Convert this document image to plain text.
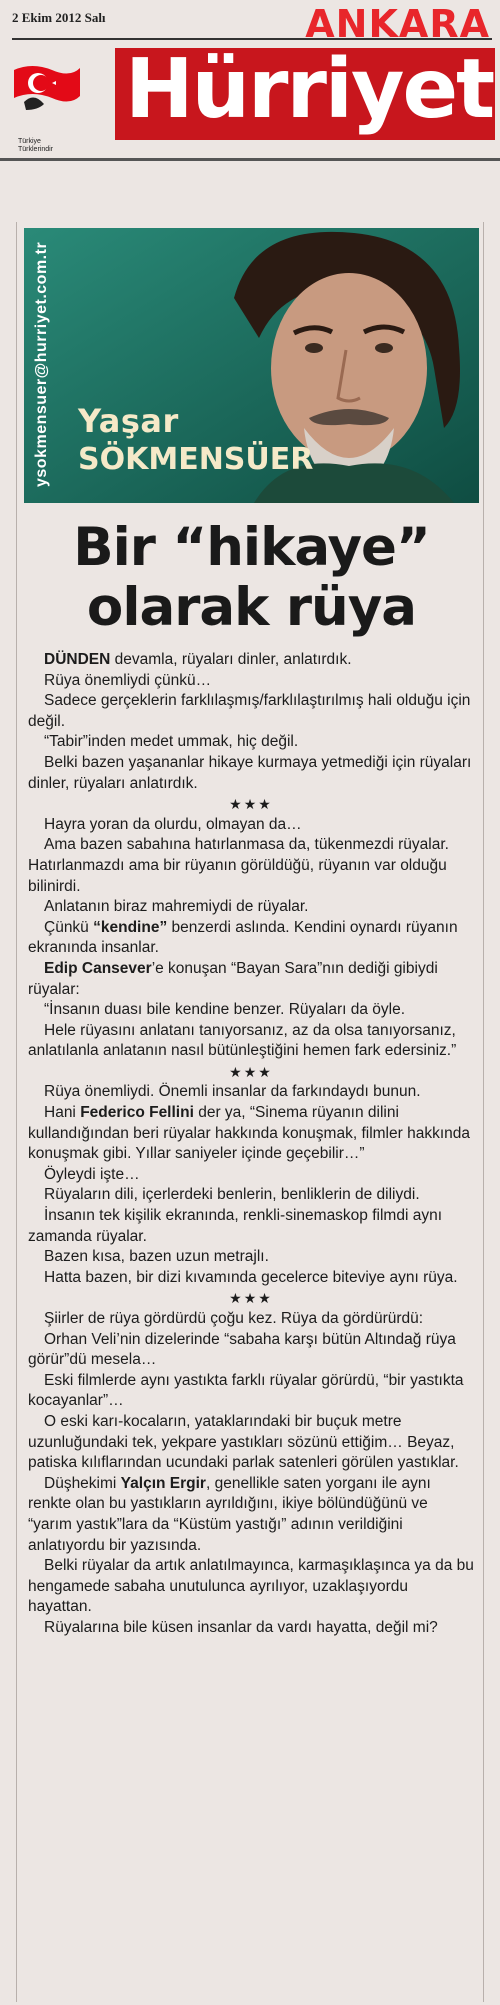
2 Ekim 2012 Salı	ANKARA
Hürriyet
Türkiye
Türklerindir
ysokmensuer@hurriyet.com.tr Yaşar
SÖKMENSÜER
Bir “hikaye”
olarak rüya

DÜNDEN devamla, rüyaları dinler, anlatırdık.

Rüya önemliydi çünkü…

Sadece gerçeklerin farklılaşmış/farklılaştırılmış hali olduğu için değil.

“Tabir”inden medet ummak, hiç değil.

Belki bazen yaşananlar hikaye kurmaya yetmediği için rüyaları dinler, rüyaları anlatırdık.

★★★

Hayra yoran da olurdu, olmayan da…

Ama bazen sabahına hatırlanmasa da, tükenmezdi rüyalar. Hatırlanmazdı ama bir rüyanın görüldüğü, rüyanın var olduğu bilinirdi.

Anlatanın biraz mahremiydi de rüyalar.

Çünkü “kendine” benzerdi aslında. Kendini oynardı rüyanın ekranında insanlar.

Edip Cansever’e konuşan “Bayan Sara”nın dediği gibiydi rüyalar:

“İnsanın duası bile kendine benzer. Rüyaları da öyle.

Hele rüyasını anlatanı tanıyorsanız, az da olsa tanıyorsanız, anlatılanla anlatanın nasıl bütünleştiğini hemen fark edersiniz.”

★★★

Rüya önemliydi. Önemli insanlar da farkındaydı bunun.

Hani Federico Fellini der ya, “Sinema rüyanın dilini kullandığından beri rüyalar hakkında konuşmak, filmler hakkında konuşmak gibi. Yıllar saniyeler içinde geçebilir…”

Öyleydi işte…

Rüyaların dili, içerlerdeki benlerin, benliklerin de diliydi.

İnsanın tek kişilik ekranında, renkli-sinemaskop filmdi aynı zamanda rüyalar.

Bazen kısa, bazen uzun metrajlı.

Hatta bazen, bir dizi kıvamında gecelerce biteviye aynı rüya.

★★★

Şiirler de rüya gördürdü çoğu kez. Rüya da gördürürdü:

Orhan Veli’nin dizelerinde “sabaha karşı bütün Altındağ rüya görür”dü mesela…

Eski filmlerde aynı yastıkta farklı rüyalar görürdü, “bir yastıkta kocayanlar”…

O eski karı-kocaların, yataklarındaki bir buçuk metre uzunluğundaki tek, yekpare yastıkları sözünü ettiğim… Beyaz, patiska kılıflarından ucundaki parlak satenleri görülen yastıklar.

Düşhekimi Yalçın Ergir, genellikle saten yorganı ile aynı renkte olan bu yastıkların ayrıldığını, ikiye bölündüğünü ve “yarım yastık”lara da “Küstüm yastığı” adının verildiğini anlatıyordu bir yazısında.

Belki rüyalar da artık anlatılmayınca, karmaşıklaşınca ya da bu hengamede sabaha unutulunca ayrılıyor, uzaklaşıyordu hayattan.

Rüyalarına bile küsen insanlar da vardı hayatta, değil mi?
